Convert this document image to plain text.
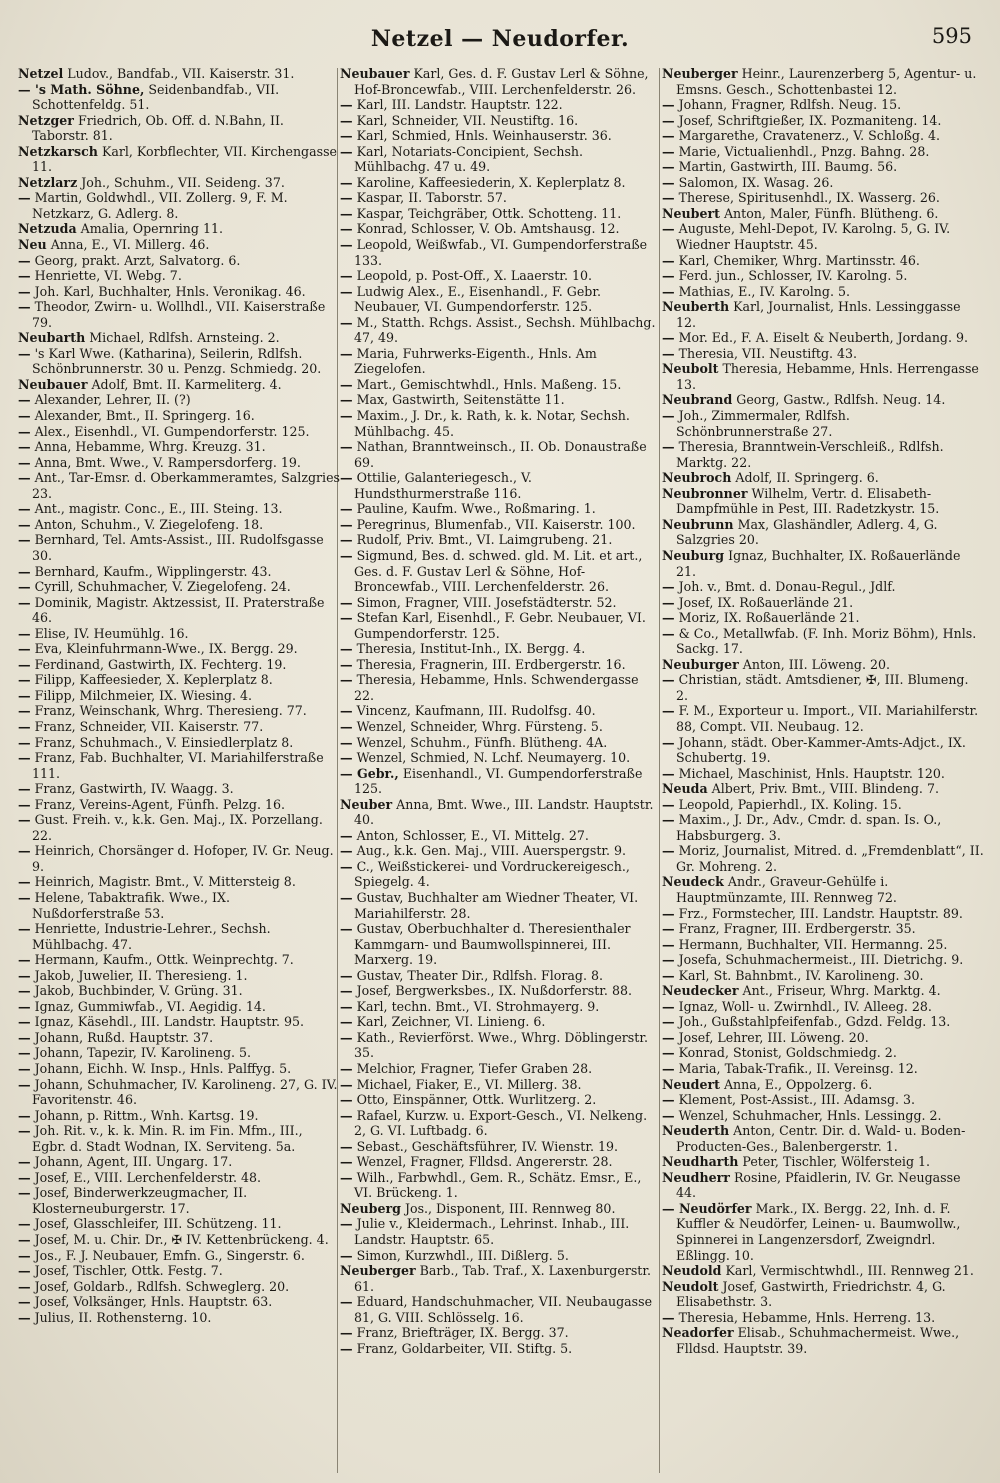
Netzel — Neudorfer.	595

Netzel Ludov., Bandfab., VII. Kaiserstr. 31.

— 's Math. Söhne, Seidenbandfab., VII. Schottenfeldg. 51.

Netzger Friedrich, Ob. Off. d. N.Bahn, II. Taborstr. 81.

Netzkarsch Karl, Korbflechter, VII. Kirchengasse 11.

Netzlarz Joh., Schuhm., VII. Seideng. 37.

— Martin, Goldwhdl., VII. Zollerg. 9, F. M. Netzkarz, G. Adlerg. 8.

Netzuda Amalia, Opernring 11.

Neu Anna, E., VI. Millerg. 46.

— Georg, prakt. Arzt, Salvatorg. 6.

— Henriette, VI. Webg. 7.

— Joh. Karl, Buchhalter, Hnls. Veronikag. 46.

— Theodor, Zwirn- u. Wollhdl., VII. Kaiserstraße 79.

Neubarth Michael, Rdlfsh. Arnsteing. 2.

— 's Karl Wwe. (Katharina), Seilerin, Rdlfsh. Schönbrunnerstr. 30 u. Penzg. Schmiedg. 20.

Neubauer Adolf, Bmt. II. Karmeliterg. 4.

— Alexander, Lehrer, II. (?)

— Alexander, Bmt., II. Springerg. 16.

— Alex., Eisenhdl., VI. Gumpendorferstr. 125.

— Anna, Hebamme, Whrg. Kreuzg. 31.

— Anna, Bmt. Wwe., V. Rampersdorferg. 19.

— Ant., Tar-Emsr. d. Oberkammeramtes, Salzgries 23.

— Ant., magistr. Conc., E., III. Steing. 13.

— Anton, Schuhm., V. Ziegelofeng. 18.

— Bernhard, Tel. Amts-Assist., III. Rudolfsgasse 30.

— Bernhard, Kaufm., Wipplingerstr. 43.

— Cyrill, Schuhmacher, V. Ziegelofeng. 24.

— Dominik, Magistr. Aktzessist, II. Praterstraße 46.

— Elise, IV. Heumühlg. 16.

— Eva, Kleinfuhrmann-Wwe., IX. Bergg. 29.

— Ferdinand, Gastwirth, IX. Fechterg. 19.

— Filipp, Kaffeesieder, X. Keplerplatz 8.

— Filipp, Milchmeier, IX. Wiesing. 4.

— Franz, Weinschank, Whrg. Theresieng. 77.

— Franz, Schneider, VII. Kaiserstr. 77.

— Franz, Schuhmach., V. Einsiedlerplatz 8.

— Franz, Fab. Buchhalter, VI. Mariahilferstraße 111.

— Franz, Gastwirth, IV. Waagg. 3.

— Franz, Vereins-Agent, Fünfh. Pelzg. 16.

— Gust. Freih. v., k.k. Gen. Maj., IX. Porzellang. 22.

— Heinrich, Chorsänger d. Hofoper, IV. Gr. Neug. 9.

— Heinrich, Magistr. Bmt., V. Mittersteig 8.

— Helene, Tabaktrafik. Wwe., IX. Nußdorferstraße 53.

— Henriette, Industrie-Lehrer., Sechsh. Mühlbachg. 47.

— Hermann, Kaufm., Ottk. Weinprechtg. 7.

— Jakob, Juwelier, II. Theresieng. 1.

— Jakob, Buchbinder, V. Grüng. 31.

— Ignaz, Gummiwfab., VI. Aegidig. 14.

— Ignaz, Käsehdl., III. Landstr. Hauptstr. 95.

— Johann, Rußd. Hauptstr. 37.

— Johann, Tapezir, IV. Karolineng. 5.

— Johann, Eichh. W. Insp., Hnls. Palffyg. 5.

— Johann, Schuhmacher, IV. Karolineng. 27, G. IV. Favoritenstr. 46.

— Johann, p. Rittm., Wnh. Kartsg. 19.

— Joh. Rit. v., k. k. Min. R. im Fin. Mfm., III., Egbr. d. Stadt Wodnan, IX. Serviteng. 5a.

— Johann, Agent, III. Ungarg. 17.

— Josef, E., VIII. Lerchenfelderstr. 48.

— Josef, Binderwerkzeugmacher, II. Klosterneuburgerstr. 17.

— Josef, Glasschleifer, III. Schützeng. 11.

— Josef, M. u. Chir. Dr., ✠ IV. Kettenbrückeng. 4.

— Jos., F. J. Neubauer, Emfn. G., Singerstr. 6.

— Josef, Tischler, Ottk. Festg. 7.

— Josef, Goldarb., Rdlfsh. Schweglerg. 20.

— Josef, Volksänger, Hnls. Hauptstr. 63.

— Julius, II. Rothensterng. 10.

Neubauer Karl, Ges. d. F. Gustav Lerl & Söhne, Hof-Broncewfab., VIII. Lerchenfelderstr. 26.

— Karl, III. Landstr. Hauptstr. 122.

— Karl, Schneider, VII. Neustiftg. 16.

— Karl, Schmied, Hnls. Weinhauserstr. 36.

— Karl, Notariats-Concipient, Sechsh. Mühlbachg. 47 u. 49.

— Karoline, Kaffeesiederin, X. Keplerplatz 8.

— Kaspar, II. Taborstr. 57.

— Kaspar, Teichgräber, Ottk. Schotteng. 11.

— Konrad, Schlosser, V. Ob. Amtshausg. 12.

— Leopold, Weißwfab., VI. Gumpendorferstraße 133.

— Leopold, p. Post-Off., X. Laaerstr. 10.

— Ludwig Alex., E., Eisenhandl., F. Gebr. Neubauer, VI. Gumpendorferstr. 125.

— M., Statth. Rchgs. Assist., Sechsh. Mühlbachg. 47, 49.

— Maria, Fuhrwerks-Eigenth., Hnls. Am Ziegelofen.

— Mart., Gemischtwhdl., Hnls. Maßeng. 15.

— Max, Gastwirth, Seitenstätte 11.

— Maxim., J. Dr., k. Rath, k. k. Notar, Sechsh. Mühlbachg. 45.

— Nathan, Branntweinsch., II. Ob. Donaustraße 69.

— Ottilie, Galanteriegesch., V. Hundsthurmerstraße 116.

— Pauline, Kaufm. Wwe., Roßmaring. 1.

— Peregrinus, Blumenfab., VII. Kaiserstr. 100.

— Rudolf, Priv. Bmt., VI. Laimgrubeng. 21.

— Sigmund, Bes. d. schwed. gld. M. Lit. et art., Ges. d. F. Gustav Lerl & Söhne, Hof-Broncewfab., VIII. Lerchenfelderstr. 26.

— Simon, Fragner, VIII. Josefstädterstr. 52.

— Stefan Karl, Eisenhdl., F. Gebr. Neubauer, VI. Gumpendorferstr. 125.

— Theresia, Institut-Inh., IX. Bergg. 4.

— Theresia, Fragnerin, III. Erdbergerstr. 16.

— Theresia, Hebamme, Hnls. Schwendergasse 22.

— Vincenz, Kaufmann, III. Rudolfsg. 40.

— Wenzel, Schneider, Whrg. Fürsteng. 5.

— Wenzel, Schuhm., Fünfh. Blütheng. 4A.

— Wenzel, Schmied, N. Lchf. Neumayerg. 10.

— Gebr., Eisenhandl., VI. Gumpendorferstraße 125.

Neuber Anna, Bmt. Wwe., III. Landstr. Hauptstr. 40.

— Anton, Schlosser, E., VI. Mittelg. 27.

— Aug., k.k. Gen. Maj., VIII. Auerspergstr. 9.

— C., Weißstickerei- und Vordruckereigesch., Spiegelg. 4.

— Gustav, Buchhalter am Wiedner Theater, VI. Mariahilferstr. 28.

— Gustav, Oberbuchhalter d. Theresienthaler Kammgarn- und Baumwollspinnerei, III. Marxerg. 19.

— Gustav, Theater Dir., Rdlfsh. Florag. 8.

— Josef, Bergwerksbes., IX. Nußdorferstr. 88.

— Karl, techn. Bmt., VI. Strohmayerg. 9.

— Karl, Zeichner, VI. Linieng. 6.

— Kath., Revierförst. Wwe., Whrg. Döblingerstr. 35.

— Melchior, Fragner, Tiefer Graben 28.

— Michael, Fiaker, E., VI. Millerg. 38.

— Otto, Einspänner, Ottk. Wurlitzerg. 2.

— Rafael, Kurzw. u. Export-Gesch., VI. Nelkeng. 2, G. VI. Luftbadg. 6.

— Sebast., Geschäftsführer, IV. Wienstr. 19.

— Wenzel, Fragner, Flldsd. Angererstr. 28.

— Wilh., Farbwhdl., Gem. R., Schätz. Emsr., E., VI. Brückeng. 1.

Neuberg Jos., Disponent, III. Rennweg 80.

— Julie v., Kleidermach., Lehrinst. Inhab., III. Landstr. Hauptstr. 65.

— Simon, Kurzwhdl., III. Dißlerg. 5.

Neuberger Barb., Tab. Traf., X. Laxenburgerstr. 61.

— Eduard, Handschuhmacher, VII. Neubaugasse 81, G. VIII. Schlösselg. 16.

— Franz, Briefträger, IX. Bergg. 37.

— Franz, Goldarbeiter, VII. Stiftg. 5.

Neuberger Heinr., Laurenzerberg 5, Agentur- u. Emsns. Gesch., Schottenbastei 12.

— Johann, Fragner, Rdlfsh. Neug. 15.

— Josef, Schriftgießer, IX. Pozmaniteng. 14.

— Margarethe, Cravatenerz., V. Schloßg. 4.

— Marie, Victualienhdl., Pnzg. Bahng. 28.

— Martin, Gastwirth, III. Baumg. 56.

— Salomon, IX. Wasag. 26.

— Therese, Spiritusenhdl., IX. Wasserg. 26.

Neubert Anton, Maler, Fünfh. Blütheng. 6.

— Auguste, Mehl-Depot, IV. Karolng. 5, G. IV. Wiedner Hauptstr. 45.

— Karl, Chemiker, Whrg. Martinsstr. 46.

— Ferd. jun., Schlosser, IV. Karolng. 5.

— Mathias, E., IV. Karolng. 5.

Neuberth Karl, Journalist, Hnls. Lessinggasse 12.

— Mor. Ed., F. A. Eiselt & Neuberth, Jordang. 9.

— Theresia, VII. Neustiftg. 43.

Neubolt Theresia, Hebamme, Hnls. Herrengasse 13.

Neubrand Georg, Gastw., Rdlfsh. Neug. 14.

— Joh., Zimmermaler, Rdlfsh. Schönbrunnerstraße 27.

— Theresia, Branntwein-Verschleiß., Rdlfsh. Marktg. 22.

Neubroch Adolf, II. Springerg. 6.

Neubronner Wilhelm, Vertr. d. Elisabeth-Dampfmühle in Pest, III. Radetzkystr. 15.

Neubrunn Max, Glashändler, Adlerg. 4, G. Salzgries 20.

Neuburg Ignaz, Buchhalter, IX. Roßauerlände 21.

— Joh. v., Bmt. d. Donau-Regul., Jdlf.

— Josef, IX. Roßauerlände 21.

— Moriz, IX. Roßauerlände 21.

— & Co., Metallwfab. (F. Inh. Moriz Böhm), Hnls. Sackg. 17.

Neuburger Anton, III. Löweng. 20.

— Christian, städt. Amtsdiener, ✠, III. Blumeng. 2.

— F. M., Exporteur u. Import., VII. Mariahilferstr. 88, Compt. VII. Neubaug. 12.

— Johann, städt. Ober-Kammer-Amts-Adjct., IX. Schubertg. 19.

— Michael, Maschinist, Hnls. Hauptstr. 120.

Neuda Albert, Priv. Bmt., VIII. Blindeng. 7.

— Leopold, Papierhdl., IX. Koling. 15.

— Maxim., J. Dr., Adv., Cmdr. d. span. Is. O., Habsburgerg. 3.

— Moriz, Journalist, Mitred. d. „Fremdenblatt“, II. Gr. Mohreng. 2.

Neudeck Andr., Graveur-Gehülfe i. Hauptmünzamte, III. Rennweg 72.

— Frz., Formstecher, III. Landstr. Hauptstr. 89.

— Franz, Fragner, III. Erdbergerstr. 35.

— Hermann, Buchhalter, VII. Hermanng. 25.

— Josefa, Schuhmachermeist., III. Dietrichg. 9.

— Karl, St. Bahnbmt., IV. Karolineng. 30.

Neudecker Ant., Friseur, Whrg. Marktg. 4.

— Ignaz, Woll- u. Zwirnhdl., IV. Alleeg. 28.

— Joh., Gußstahlpfeifenfab., Gdzd. Feldg. 13.

— Josef, Lehrer, III. Löweng. 20.

— Konrad, Stonist, Goldschmiedg. 2.

— Maria, Tabak-Trafik., II. Vereinsg. 12.

Neudert Anna, E., Oppolzerg. 6.

— Klement, Post-Assist., III. Adamsg. 3.

— Wenzel, Schuhmacher, Hnls. Lessingg. 2.

Neuderth Anton, Centr. Dir. d. Wald- u. Boden-Producten-Ges., Balenbergerstr. 1.

Neudharth Peter, Tischler, Wölfersteig 1.

Neudherr Rosine, Pfaidlerin, IV. Gr. Neugasse 44.

— Neudörfer Mark., IX. Bergg. 22, Inh. d. F. Kuffler & Neudörfer, Leinen- u. Baumwollw., Spinnerei in Langenzersdorf, Zweigndrl. Eßlingg. 10.

Neudold Karl, Vermischtwhdl., III. Rennweg 21.

Neudolt Josef, Gastwirth, Friedrichstr. 4, G. Elisabethstr. 3.

— Theresia, Hebamme, Hnls. Herreng. 13.

Neadorfer Elisab., Schuhmachermeist. Wwe., Flldsd. Hauptstr. 39.
